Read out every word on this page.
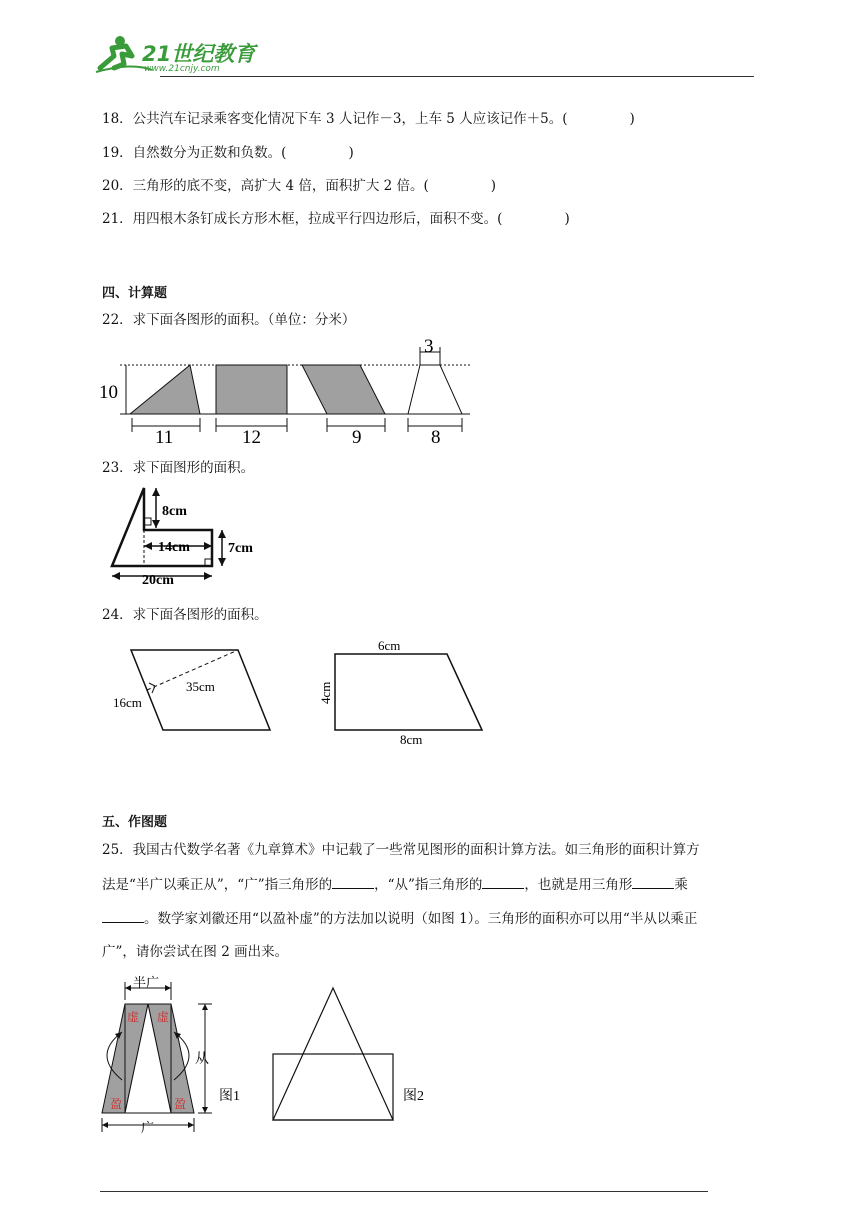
21世纪教育
www.21cnjy.com
18．公共汽车记录乘客变化情况下车 3 人记作－3，上车 5 人应该记作＋5。(	)
19．自然数分为正数和负数。(	)
20．三角形的底不变，高扩大 4 倍，面积扩大 2 倍。(	)
21．用四根木条钉成长方形木框，拉成平行四边形后，面积不变。(	)
四、计算题
22．求下面各图形的面积。（单位：分米）
10
3
11	12	9	8
23．求下面图形的面积。
8cm
14cm	7cm
20cm
24．求下面各图形的面积。
16cm
35cm
6cm
4cm
8cm
五、作图题
25．我国古代数学名著《九章算术》中记载了一些常见图形的面积计算方法。如三角形的面积计算方
法是“半广以乘正从”，“广”指三角形的	，“从”指三角形的	，也就是用三角形	乘
。数学家刘徽还用“以盈补虚”的方法加以说明（如图 1）。三角形的面积亦可以用“半从以乘正
广”，请你尝试在图 2 画出来。
半广
虚 虚
盈	盈
从
广
图1	图2
